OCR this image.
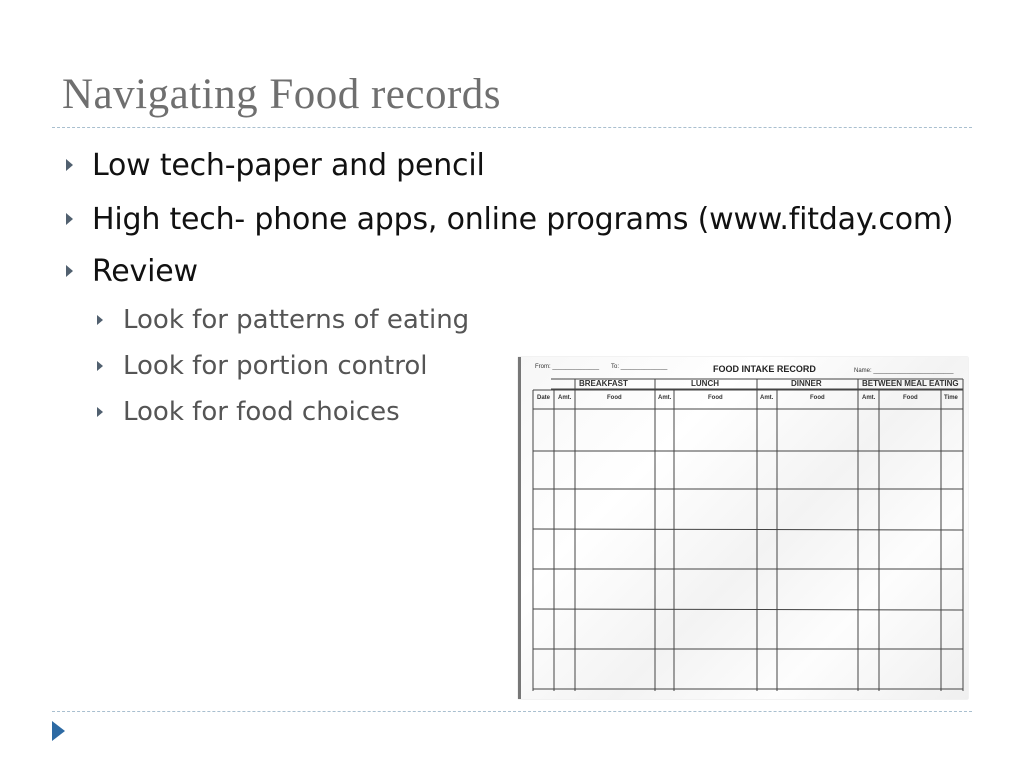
Navigating Food records
Low tech-paper and pencil
High tech- phone apps, online programs (www.fitday.com)
Review
Look for patterns of eating
Look for portion control
Look for food choices
From: ______________ To: ______________	FOOD INTAKE RECORD	Name: ________________________
BREAKFAST	LUNCH	DINNER	BETWEEN MEAL EATING
Date Amt.	Food	Amt.	Food	Amt.	Food	Amt.	Food	Time
